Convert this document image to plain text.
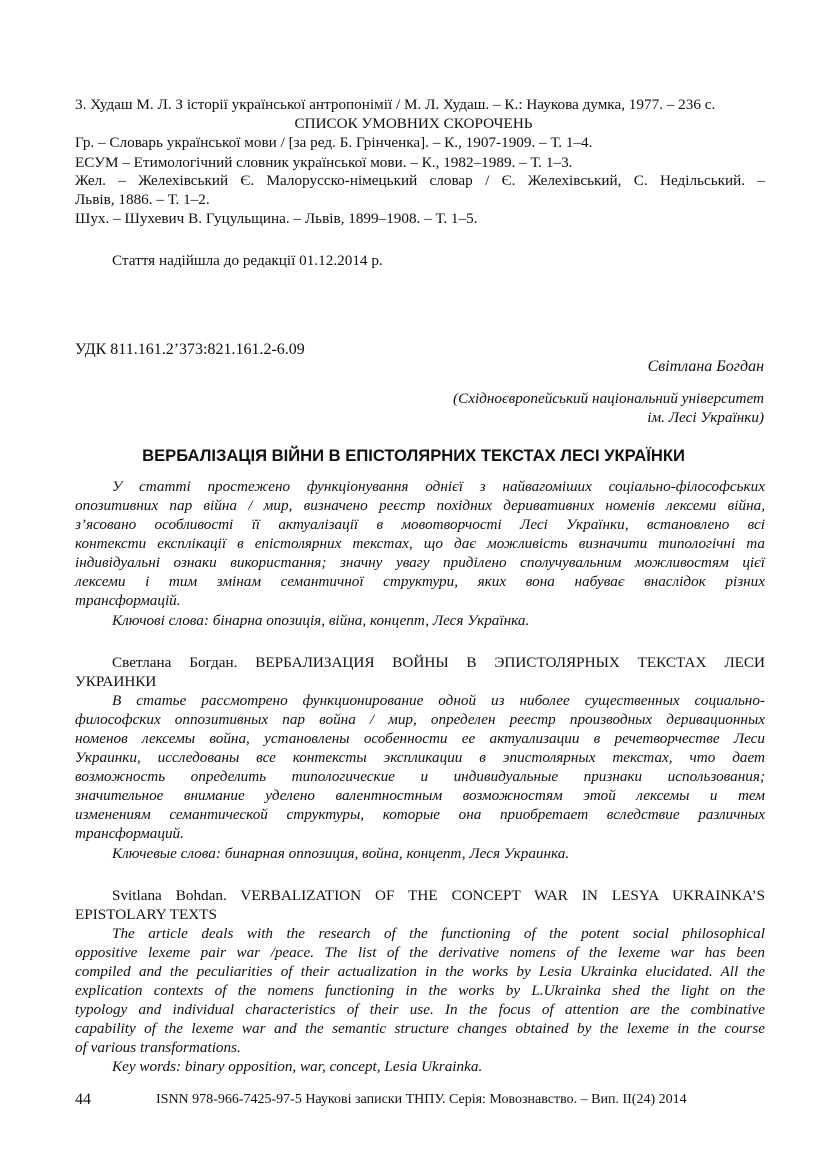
3. Худаш М. Л. З історії української антропонімії / М. Л. Худаш. – К.: Наукова думка, 1977. – 236 с.
СПИСОК УМОВНИХ СКОРОЧЕНЬ
Гр. – Словарь української мови / [за ред. Б. Грінченка]. – К., 1907-1909. – Т. 1–4.
ЕСУМ – Етимологічний словник української мови. – К., 1982–1989. – Т. 1–3.
Жел. – Желехівський Є. Малорусско-німецький словар / Є. Желехівський, С. Недільський. –
Львів, 1886. – Т. 1–2.
Шух. – Шухевич В. Гуцульщина. – Львів, 1899–1908. – Т. 1–5.
Стаття надійшла до редакції 01.12.2014 р.
УДК 811.161.2’373:821.161.2-6.09
Світлана Богдан
(Східноєвропейський національний університет
ім. Лесі Українки)
ВЕРБАЛІЗАЦІЯ ВІЙНИ В ЕПІСТОЛЯРНИХ ТЕКСТАХ ЛЕСІ УКРАЇНКИ
У статті простежено функціонування однієї з найвагоміших соціально-філософських
опозитивних пар війна / мир, визначено реєстр похідних деривативних номенів лексеми війна,
з’ясовано особливості її актуалізації в мовотворчості Лесі Українки, встановлено всі
контексти експлікації в епістолярних текстах, що дає можливість визначити типологічні та
індивідуальні ознаки використання; значну увагу приділено сполучувальним можливостям цієї
лексеми і тим змінам семантичної структури, яких вона набуває внаслідок різних
трансформацій.
Ключові слова: бінарна опозиція, війна, концепт, Леся Українка.
Светлана Богдан. ВЕРБАЛИЗАЦИЯ ВОЙНЫ В ЭПИСТОЛЯРНЫХ ТЕКСТАХ ЛЕСИ
УКРАИНКИ
В статье рассмотрено функционирование одной из ниболее существенных социально-
философских оппозитивных пар война / мир, определен реестр производных деривационных
номенов лексемы война, установлены особенности ее актуализации в речетворчестве Леси
Украинки, исследованы все контексты экспликации в эпистолярных текстах, что дает
возможность определить типологические и индивидуальные признаки использования;
значительное внимание уделено валентностным возможностям этой лексемы и тем
изменениям семантической структуры, которые она приобретает вследствие различных
трансформаций.
Ключевые слова: бинарная оппозиция, война, концепт, Леся Украинка.
Svitlana Bohdan. VERBALIZATION OF THE CONCEPT WAR IN LESYA UKRAINKA’S
EPISTOLARY TEXTS
The article deals with the research of the functioning of the potent social philosophical
oppositive lexeme pair war /peace. The list of the derivative nomens of the lexeme war has been
compiled and the peculiarities of their actualization in the works by Lesia Ukrainka elucidated. All the
explication contexts of the nomens functioning in the works by L.Ukrainka shed the light on the
typology and individual characteristics of their use. In the focus of attention are the combinative
capability of the lexeme war and the semantic structure changes obtained by the lexeme in the course
of various transformations.
Key words: binary opposition, war, concept, Lesia Ukrainka.
44	ISNN 978-966-7425-97-5 Наукові записки ТНПУ. Серія: Мовознавство. – Вип. ІІ(24) 2014
